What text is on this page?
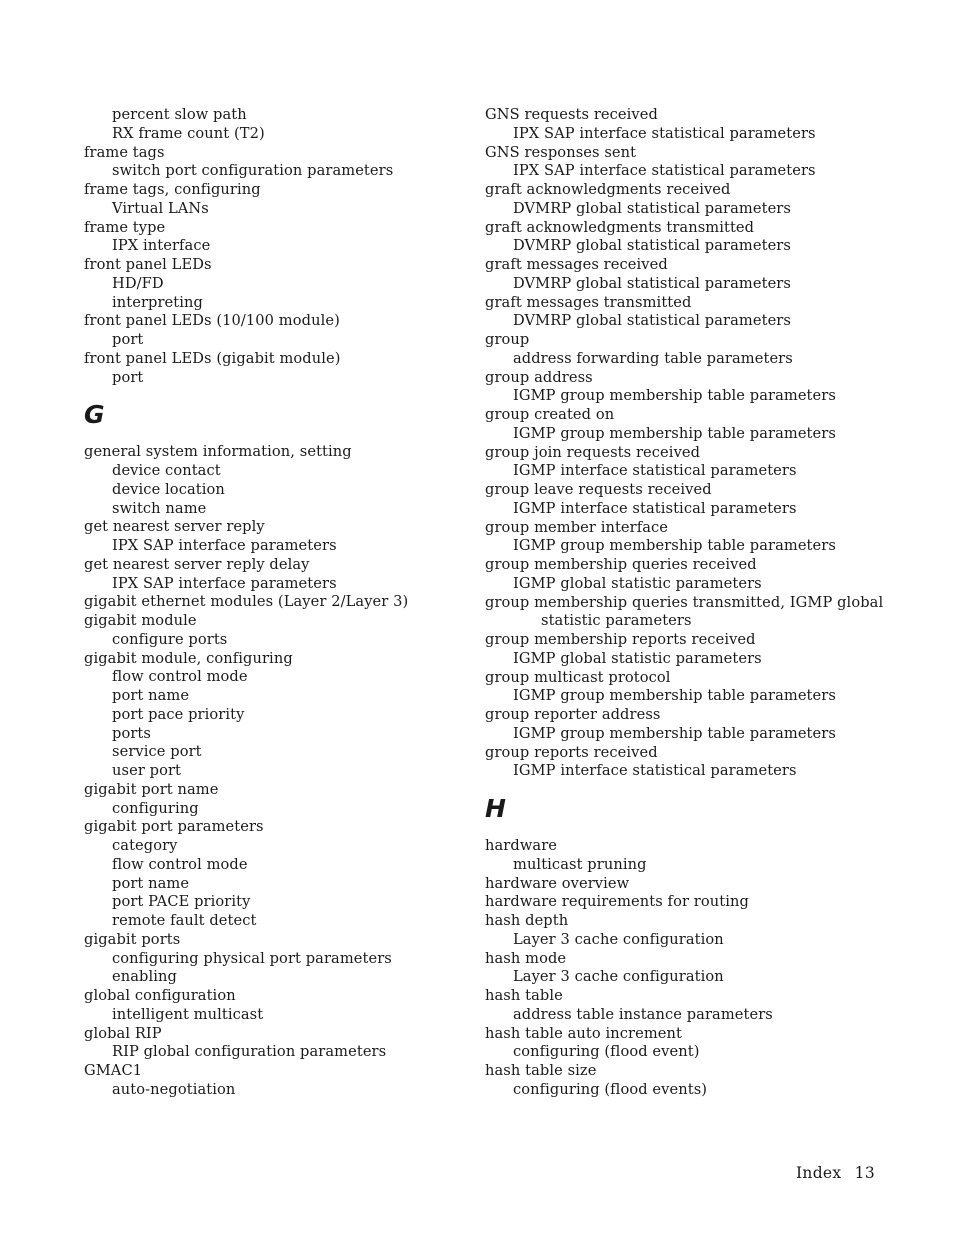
percent slow path
RX frame count (T2)
frame tags
switch port configuration parameters
frame tags, configuring
Virtual LANs
frame type
IPX interface
front panel LEDs
HD/FD
interpreting
front panel LEDs (10/100 module)
port
front panel LEDs (gigabit module)
port
G
general system information, setting
device contact
device location
switch name
get nearest server reply
IPX SAP interface parameters
get nearest server reply delay
IPX SAP interface parameters
gigabit ethernet modules (Layer 2/Layer 3)
gigabit module
configure ports
gigabit module, configuring
flow control mode
port name
port pace priority
ports
service port
user port
gigabit port name
configuring
gigabit port parameters
category
flow control mode
port name
port PACE priority
remote fault detect
gigabit ports
configuring physical port parameters
enabling
global configuration
intelligent multicast
global RIP
RIP global configuration parameters
GMAC1
auto-negotiation
GNS requests received
IPX SAP interface statistical parameters
GNS responses sent
IPX SAP interface statistical parameters
graft acknowledgments received
DVMRP global statistical parameters
graft acknowledgments transmitted
DVMRP global statistical parameters
graft messages received
DVMRP global statistical parameters
graft messages transmitted
DVMRP global statistical parameters
group
address forwarding table parameters
group address
IGMP group membership table parameters
group created on
IGMP group membership table parameters
group join requests received
IGMP interface statistical parameters
group leave requests received
IGMP interface statistical parameters
group member interface
IGMP group membership table parameters
group membership queries received
IGMP global statistic parameters
group membership queries transmitted, IGMP global
statistic parameters
group membership reports received
IGMP global statistic parameters
group multicast protocol
IGMP group membership table parameters
group reporter address
IGMP group membership table parameters
group reports received
IGMP interface statistical parameters
H
hardware
multicast pruning
hardware overview
hardware requirements for routing
hash depth
Layer 3 cache configuration
hash mode
Layer 3 cache configuration
hash table
address table instance parameters
hash table auto increment
configuring (flood event)
hash table size
configuring (flood events)
Index 13
